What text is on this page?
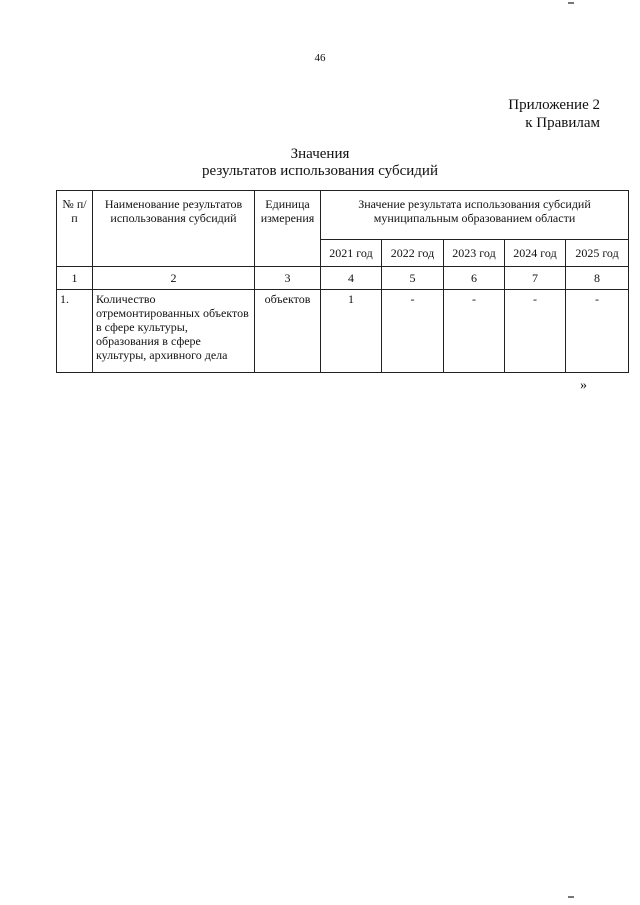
46
Приложение 2
к Правилам
Значения
результатов использования субсидий
№ п/п	Наименование результатов использования субсидий	Единица измерения	Значение результата использования субсидий муниципальным образованием области				
			2021 год	2022 год	2023 год	2024 год	2025 год
1	2	3	4	5	6	7	8
1.	Количество отремонтированных объектов в сфере культуры, образования в сфере культуры, архивного дела	объектов	1	-	-	-	-
»
